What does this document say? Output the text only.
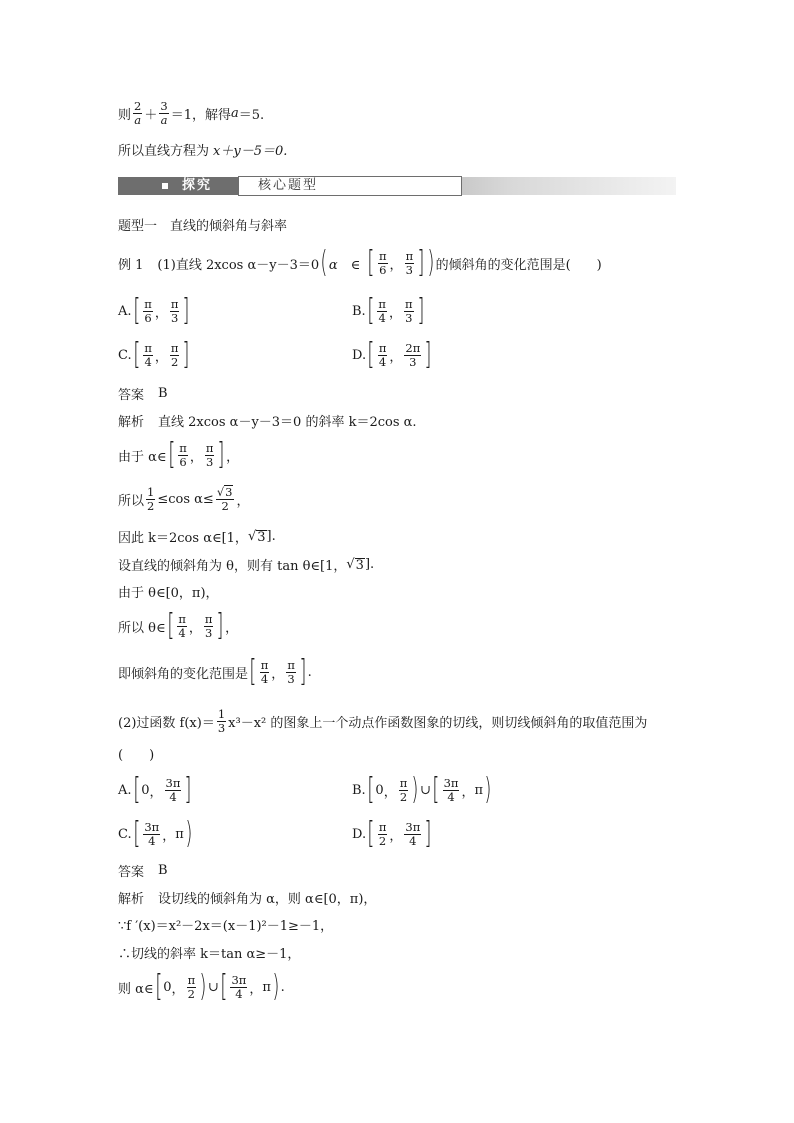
则 $\frac{2}{a} + \frac{3}{a} =1$，解得 a ＝5.
所以直线方程为 x＋y－5＝0.
探究	核心题型
题型一　直线的倾斜角与斜率
例 1 (1)直线 2xcos α－y－3＝0 ( α　∈ [ $\frac{\pi}{6}$ ， $\frac{\pi}{3}$ ] ) 的倾斜角的变化范围是(　　)
A. [ $\frac{\pi}{6}$ ， $\frac{\pi}{3}$ ]	B. [ $\frac{\pi}{4}$ ， $\frac{\pi}{3}$ ]
C. [ $\frac{\pi}{4}$ ， $\frac{\pi}{2}$ ]	D. [ $\frac{\pi}{4}$ ， $\frac{2\pi}{3}$ ]
答案 B
解析 直线 2xcos α－y－3＝0 的斜率 k＝2cos α.
由于 α∈ [ $\frac{\pi}{6}$ ， $\frac{\pi}{3}$ ] ，
所以 $\frac{1}{2} \le\cos$ $\alpha\le \frac{√ 3}{2}$ ，
因此 k＝2cos α∈[1， √ 3 ].
设直线的倾斜角为 θ，则有 tan θ∈[1， √ 3 ].
由于 θ∈[0，π)，
所以 θ∈ [ $\frac{\pi}{4}$ ， $\frac{\pi}{3}$ ] ，
即倾斜角的变化范围是 [ $\frac{\pi}{4}$ ， $\frac{\pi}{3}$ ] .
(2)过函数 $f(x)= \frac{1}{3} x^3-x^2$ 的图象上一个动点作函数图象的切线，则切线倾斜角的取值范围为
(　　)
A. [ 0 ， $\frac{3\pi}{4}$ ]	B. [ 0 ， $\frac{\pi}{2}$ ) ∪ [ $\frac{3\pi}{4}$ ， π )
C. [ $\frac{3\pi}{4}$ ， π )	D. [ $\frac{\pi}{2}$ ， $\frac{3\pi}{4}$ ]
答案 B
解析 设切线的倾斜角为 α，则 α∈[0，π)，
∵f ′(x)＝x²－2x＝(x－1)²－1≥－1，
∴切线的斜率 k＝tan α≥－1，
则 α∈ [ 0 ， $\frac{\pi}{2}$ ) ∪ [ $\frac{3\pi}{4}$ ， π ) .
